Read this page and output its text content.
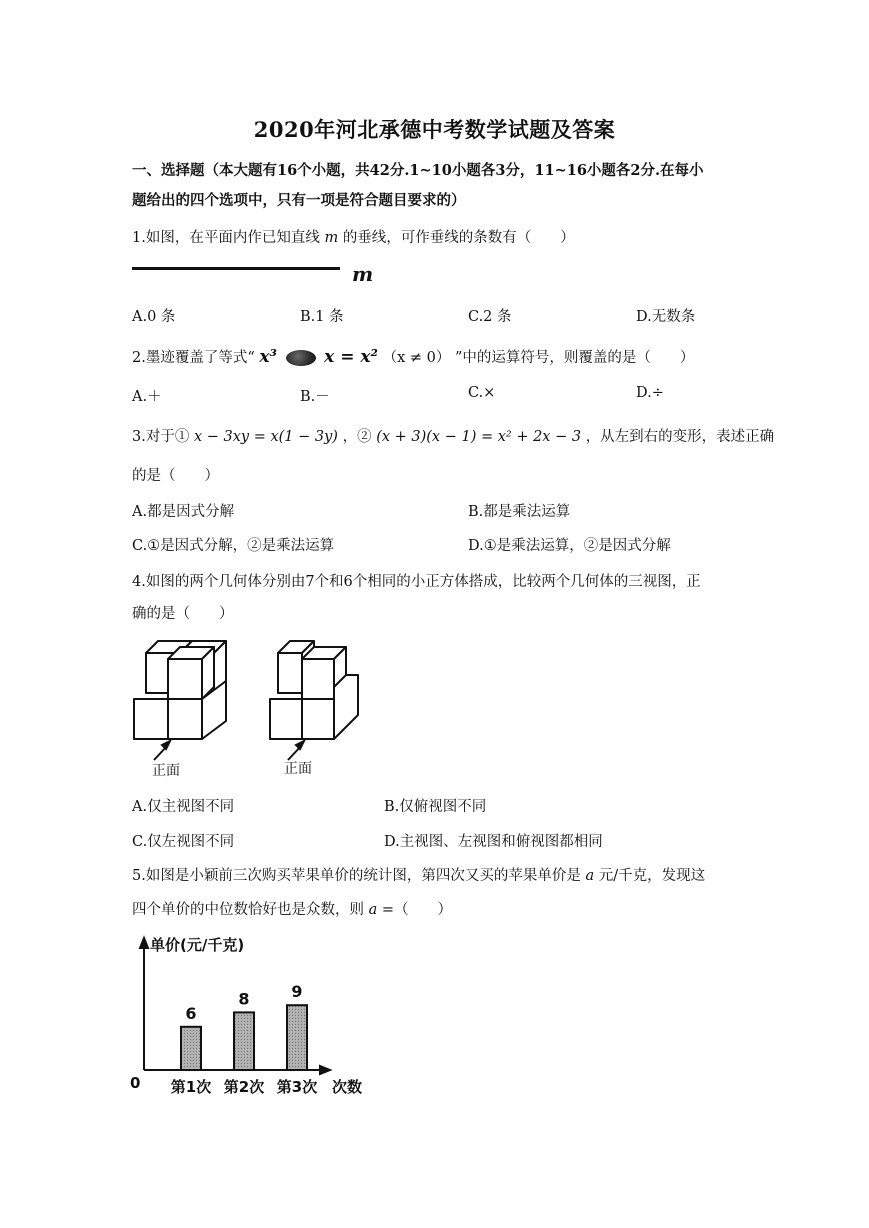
2020年河北承德中考数学试题及答案
一、选择题（本大题有16个小题，共42分.1~10小题各3分，11~16小题各2分.在每小
题给出的四个选项中，只有一项是符合题目要求的）
1.如图，在平面内作已知直线 m 的垂线，可作垂线的条数有（　　）
m
A.0 条	B.1 条	C.2 条	D.无数条
2.墨迹覆盖了等式“ x³	x = x² （x ≠ 0） ”中的运算符号，则覆盖的是（　　）
A.＋	B.－	C.×	D.÷
3.对于① x − 3xy = x(1 − 3y) ，② (x + 3)(x − 1) = x² + 2x − 3 ，从左到右的变形，表述正确
的是（　　）
A.都是因式分解	B.都是乘法运算
C.①是因式分解，②是乘法运算	D.①是乘法运算，②是因式分解
4.如图的两个几何体分别由7个和6个相同的小正方体搭成，比较两个几何体的三视图，正
确的是（　　）
正面	正面
A.仅主视图不同	B.仅俯视图不同
C.仅左视图不同	D.主视图、左视图和俯视图都相同
5.如图是小颖前三次购买苹果单价的统计图，第四次又买的苹果单价是 a 元/千克，发现这
四个单价的中位数恰好也是众数，则 a =（　　）
单价(元/千克)
0	次数
6
第1次
8
第2次
9
第3次
